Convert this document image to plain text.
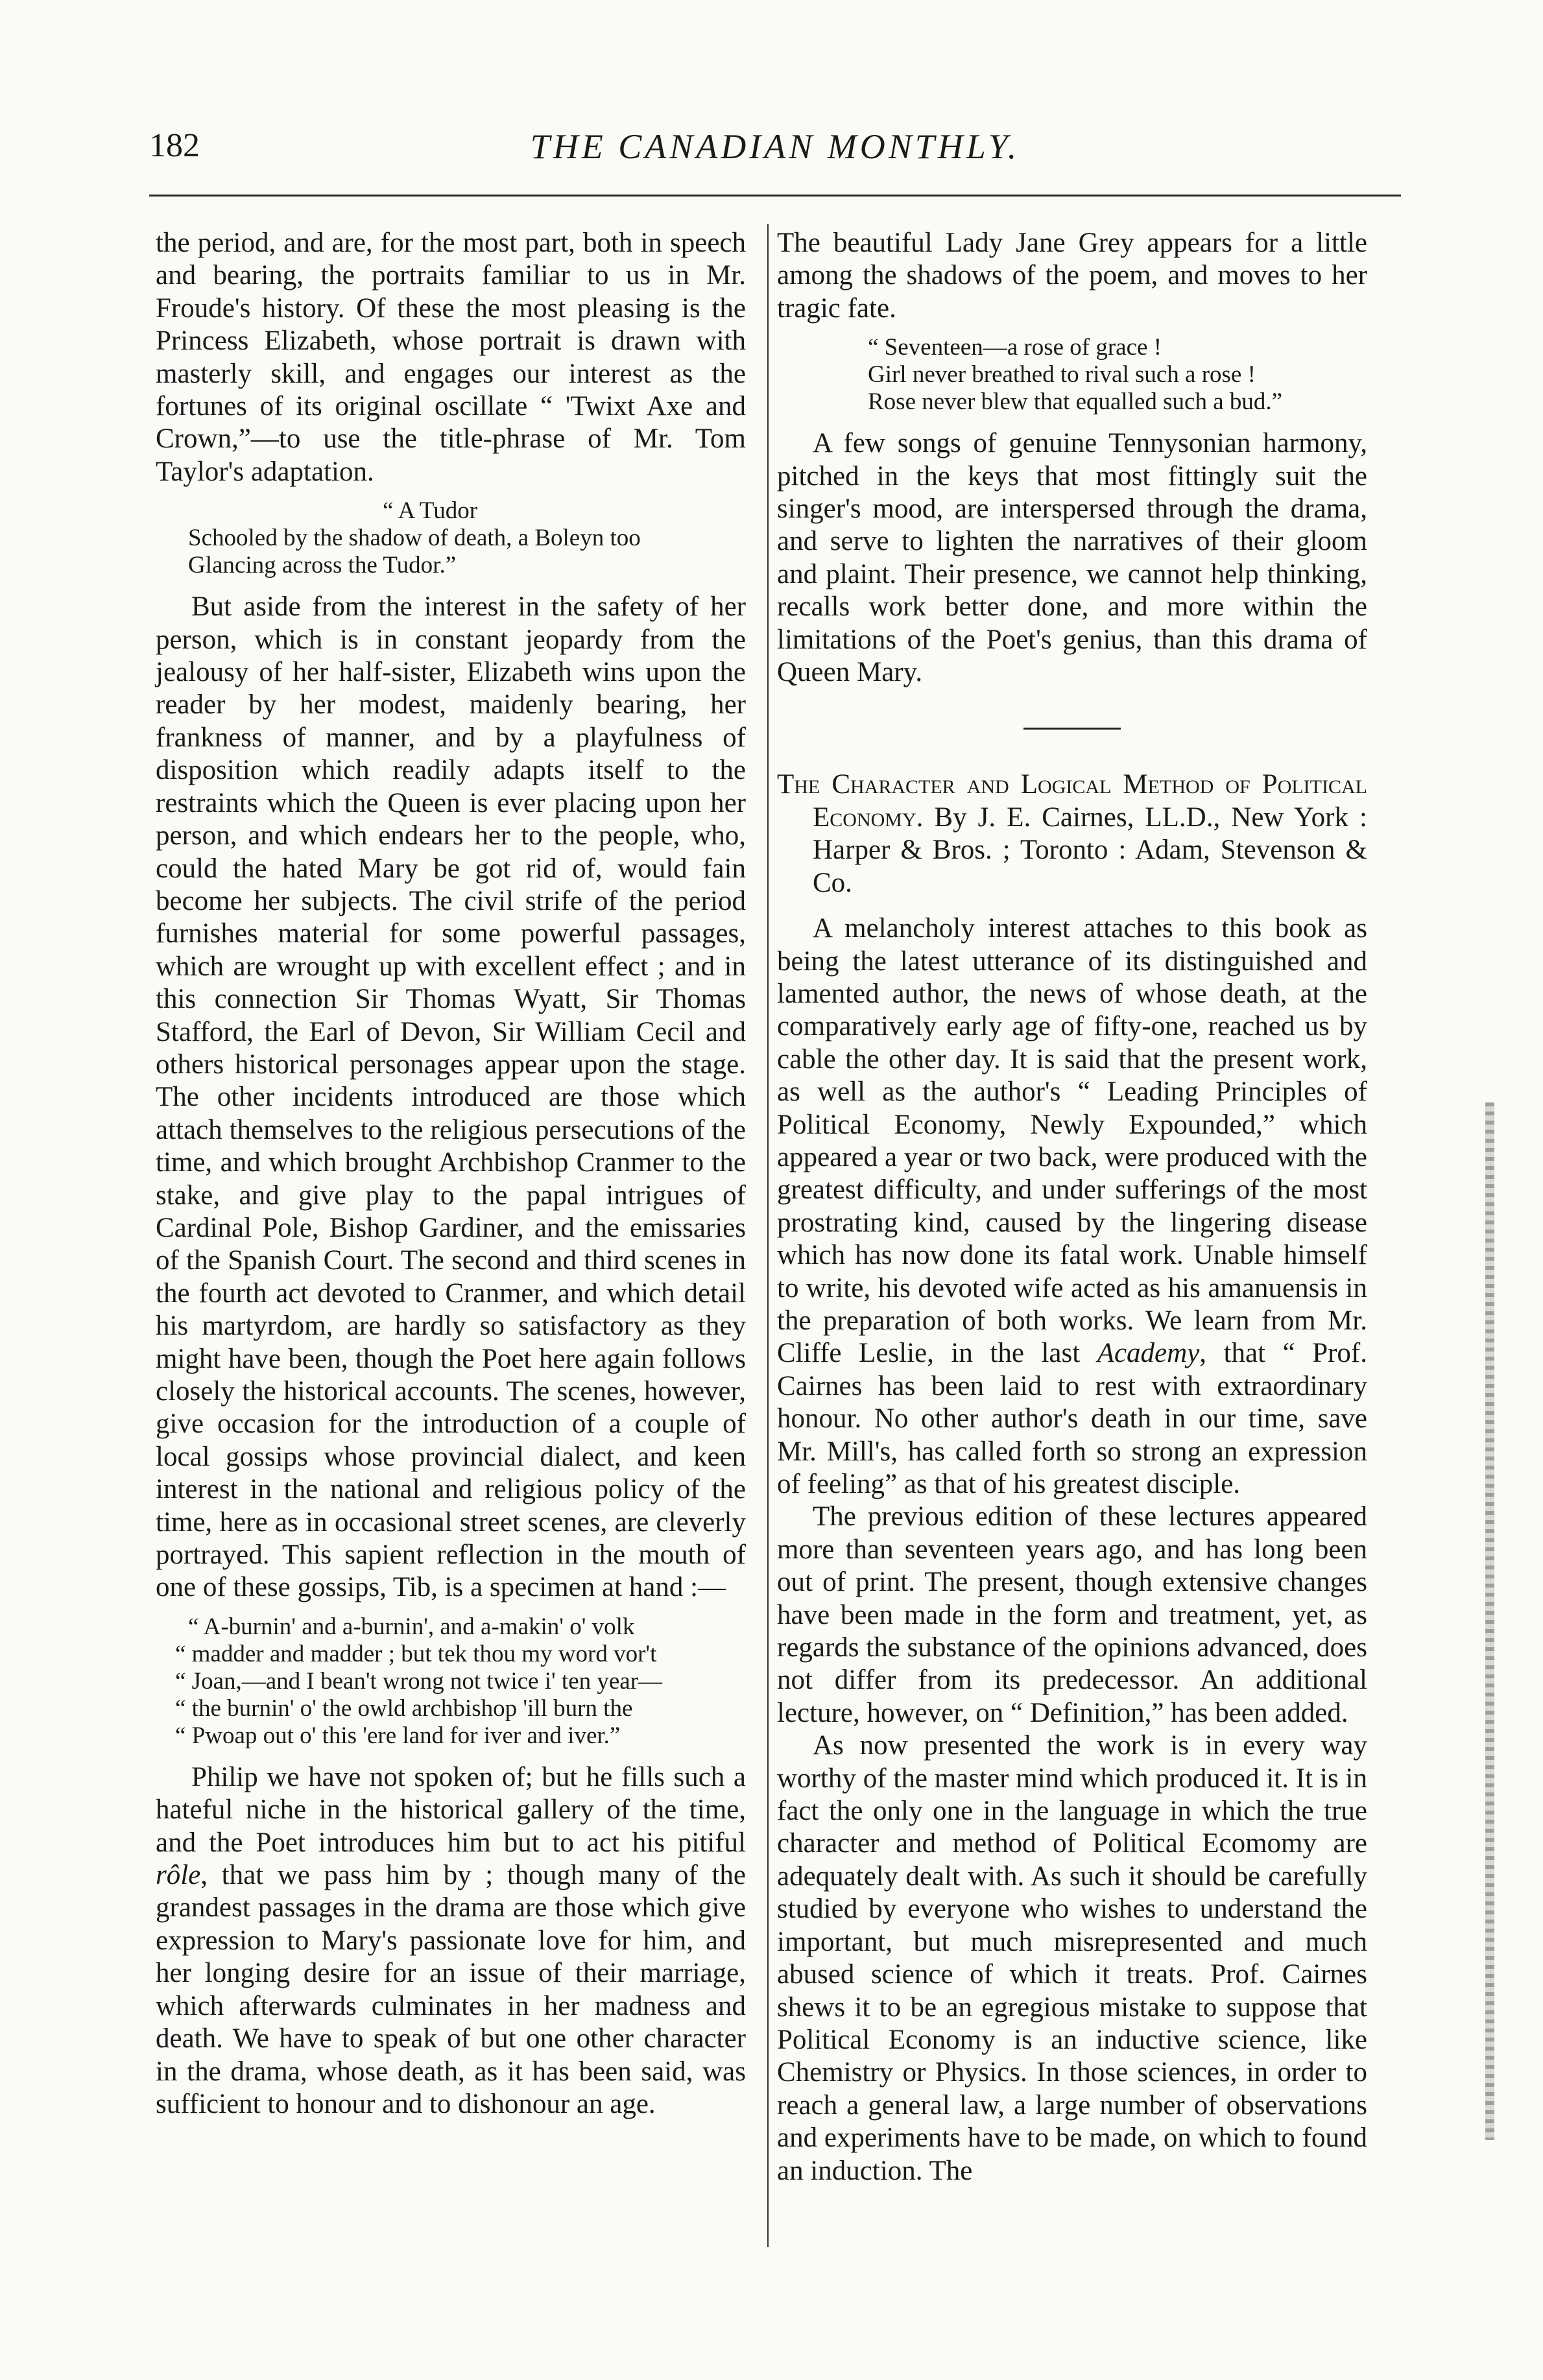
182	THE CANADIAN MONTHLY.

the period, and are, for the most part, both in speech and bearing, the portraits familiar to us in Mr. Froude's history. Of these the most pleasing is the Princess Elizabeth, whose portrait is drawn with masterly skill, and engages our interest as the fortunes of its original oscillate “ 'Twixt Axe and Crown,”—to use the title-phrase of Mr. Tom Taylor's adaptation.

“ A Tudor
Schooled by the shadow of death, a Boleyn too
Glancing across the Tudor.”

But aside from the interest in the safety of her person, which is in constant jeopardy from the jealousy of her half-sister, Elizabeth wins upon the reader by her modest, maidenly bearing, her frankness of manner, and by a playfulness of disposition which readily adapts itself to the restraints which the Queen is ever placing upon her person, and which endears her to the people, who, could the hated Mary be got rid of, would fain become her subjects. The civil strife of the period furnishes material for some powerful passages, which are wrought up with excellent effect ; and in this connection Sir Thomas Wyatt, Sir Thomas Stafford, the Earl of Devon, Sir William Cecil and others historical personages appear upon the stage. The other incidents introduced are those which attach themselves to the religious persecutions of the time, and which brought Archbishop Cranmer to the stake, and give play to the papal intrigues of Cardinal Pole, Bishop Gardiner, and the emissaries of the Spanish Court. The second and third scenes in the fourth act devoted to Cranmer, and which detail his martyrdom, are hardly so satisfactory as they might have been, though the Poet here again follows closely the historical accounts. The scenes, however, give occasion for the introduction of a couple of local gossips whose provincial dialect, and keen interest in the national and religious policy of the time, here as in occasional street scenes, are cleverly portrayed. This sapient reflection in the mouth of one of these gossips, Tib, is a specimen at hand :—

“ A-burnin' and a-burnin', and a-makin' o' volk
“ madder and madder ; but tek thou my word vor't
“ Joan,—and I bean't wrong not twice i' ten year—
“ the burnin' o' the owld archbishop 'ill burn the
“ Pwoap out o' this 'ere land for iver and iver.”

Philip we have not spoken of; but he fills such a hateful niche in the historical gallery of the time, and the Poet introduces him but to act his pitiful rôle, that we pass him by ; though many of the grandest passages in the drama are those which give expression to Mary's passionate love for him, and her longing desire for an issue of their marriage, which afterwards culminates in her madness and death. We have to speak of but one other character in the drama, whose death, as it has been said, was sufficient to honour and to dishonour an age.

The beautiful Lady Jane Grey appears for a little among the shadows of the poem, and moves to her tragic fate.

“ Seventeen—a rose of grace !
Girl never breathed to rival such a rose !
Rose never blew that equalled such a bud.”

A few songs of genuine Tennysonian harmony, pitched in the keys that most fittingly suit the singer's mood, are interspersed through the drama, and serve to lighten the narratives of their gloom and plaint. Their presence, we cannot help thinking, recalls work better done, and more within the limitations of the Poet's genius, than this drama of Queen Mary.

The Character and Logical Method of Political Economy. By J. E. Cairnes, LL.D., New York : Harper & Bros. ; Toronto : Adam, Stevenson & Co.

A melancholy interest attaches to this book as being the latest utterance of its distinguished and lamented author, the news of whose death, at the comparatively early age of fifty-one, reached us by cable the other day. It is said that the present work, as well as the author's “ Leading Principles of Political Economy, Newly Expounded,” which appeared a year or two back, were produced with the greatest difficulty, and under sufferings of the most prostrating kind, caused by the lingering disease which has now done its fatal work. Unable himself to write, his devoted wife acted as his amanuensis in the preparation of both works. We learn from Mr. Cliffe Leslie, in the last Academy, that “ Prof. Cairnes has been laid to rest with extraordinary honour. No other author's death in our time, save Mr. Mill's, has called forth so strong an expression of feeling” as that of his greatest disciple.

The previous edition of these lectures appeared more than seventeen years ago, and has long been out of print. The present, though extensive changes have been made in the form and treatment, yet, as regards the substance of the opinions advanced, does not differ from its predecessor. An additional lecture, however, on “ Definition,” has been added.

As now presented the work is in every way worthy of the master mind which produced it. It is in fact the only one in the language in which the true character and method of Political Ecomomy are adequately dealt with. As such it should be carefully studied by everyone who wishes to understand the important, but much misrepresented and much abused science of which it treats. Prof. Cairnes shews it to be an egregious mistake to suppose that Political Economy is an inductive science, like Chemistry or Physics. In those sciences, in order to reach a general law, a large number of observations and experiments have to be made, on which to found an induction. The
